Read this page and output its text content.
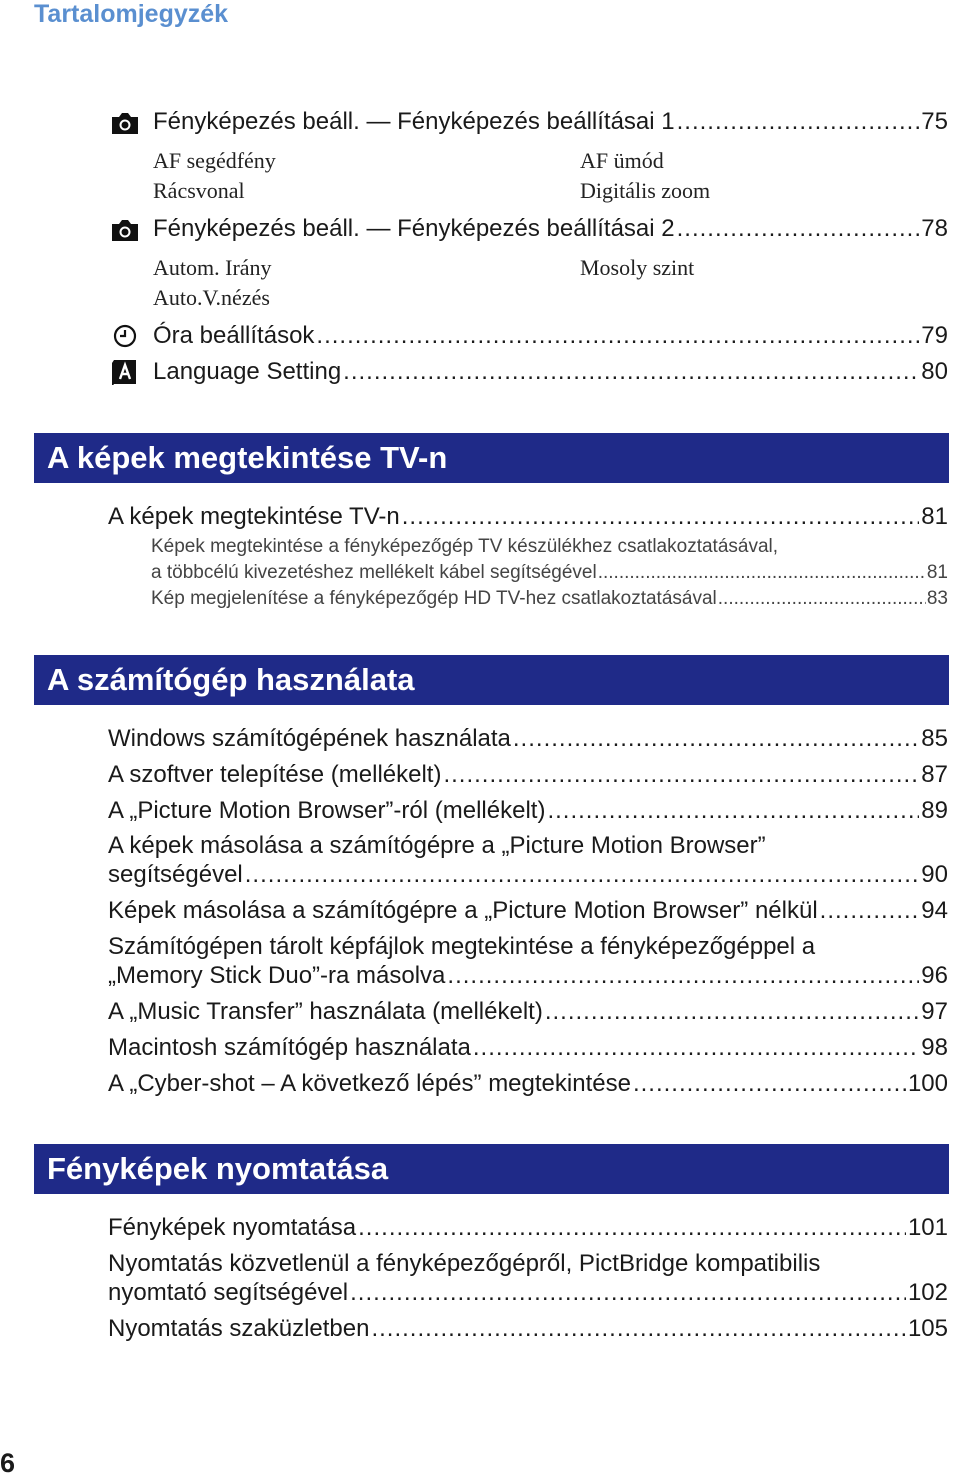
Tartalomjegyzék
Fényképezés beáll. — Fényképezés beállításai 1 .....	75
AF segédfény	AF ümód
Rácsvonal	Digitális zoom
Fényképezés beáll. — Fényképezés beállításai 2 .....	78
Autom. Irány	Mosoly szint
Auto.V.nézés
Óra beállítások .....	79
Language Setting .....	80
A képek megtekintése TV-n
A képek megtekintése TV-n .....	81
Képek megtekintése a fényképezőgép TV készülékhez csatlakoztatásával,
a többcélú kivezetéshez mellékelt kábel segítségével .....	81
Kép megjelenítése a fényképezőgép HD TV-hez csatlakoztatásával .....	83
A számítógép használata
Windows számítógépének használata .....	85
A szoftver telepítése (mellékelt) .....	87
A „Picture Motion Browser”-ról (mellékelt) .....	89
A képek másolása a számítógépre a „Picture Motion Browser”
segítségével .....	90
Képek másolása a számítógépre a „Picture Motion Browser” nélkül .....	94
Számítógépen tárolt képfájlok megtekintése a fényképezőgéppel a
„Memory Stick Duo”-ra másolva .....	96
A „Music Transfer” használata (mellékelt) .....	97
Macintosh számítógép használata .....	98
A „Cyber-shot – A következő lépés” megtekintése .....	100
Fényképek nyomtatása
Fényképek nyomtatása .....	101
Nyomtatás közvetlenül a fényképezőgépről, PictBridge kompatibilis
nyomtató segítségével .....	102
Nyomtatás szaküzletben .....	105
6
